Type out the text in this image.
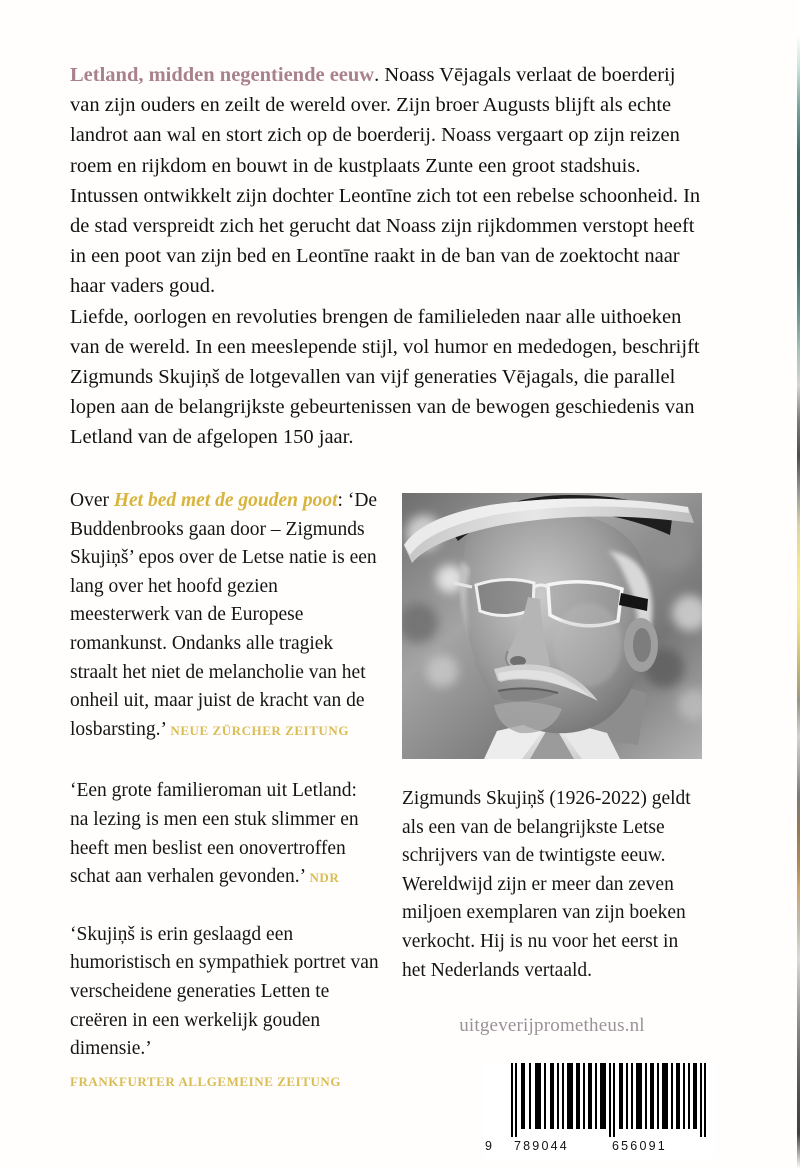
Letland, midden negentiende eeuw. Noass Vējagals verlaat de boerderij van zijn ouders en zeilt de wereld over. Zijn broer Augusts blijft als echte landrot aan wal en stort zich op de boerderij. Noass vergaart op zijn reizen roem en rijkdom en bouwt in de kustplaats Zunte een groot stadshuis.

Intussen ontwikkelt zijn dochter Leontīne zich tot een rebelse schoonheid. In de stad verspreidt zich het gerucht dat Noass zijn rijkdommen verstopt heeft in een poot van zijn bed en Leontīne raakt in de ban van de zoektocht naar haar vaders goud.

Liefde, oorlogen en revoluties brengen de familieleden naar alle uithoeken van de wereld. In een meeslepende stijl, vol humor en mededogen, beschrijft Zigmunds Skujiņš de lotgevallen van vijf generaties Vējagals, die parallel lopen aan de belangrijkste gebeurtenissen van de bewogen geschiedenis van Letland van de afgelopen 150 jaar.

Over Het bed met de gouden poot: ‘De Buddenbrooks gaan door – Zigmunds Skujiņš’ epos over de Letse natie is een lang over het hoofd gezien meesterwerk van de Europese romankunst. Ondanks alle tragiek straalt het niet de melancholie van het onheil uit, maar juist de kracht van de losbarsting.’ NEUE ZÜRCHER ZEITUNG

‘Een grote familieroman uit Letland: na lezing is men een stuk slimmer en heeft men beslist een onovertroffen schat aan verhalen gevonden.’ NDR

‘Skujiņš is erin geslaagd een humoristisch en sympathiek portret van verscheidene generaties Letten te creëren in een werkelijk gouden dimensie.’
FRANKFURTER ALLGEMEINE ZEITUNG

Zigmunds Skujiņš (1926-2022) geldt als een van de belangrijkste Letse schrijvers van de twintigste eeuw. Wereldwijd zijn er meer dan zeven miljoen exemplaren van zijn boeken verkocht. Hij is nu voor het eerst in het Nederlands vertaald.

uitgeverijprometheus.nl
9 789044	656091
